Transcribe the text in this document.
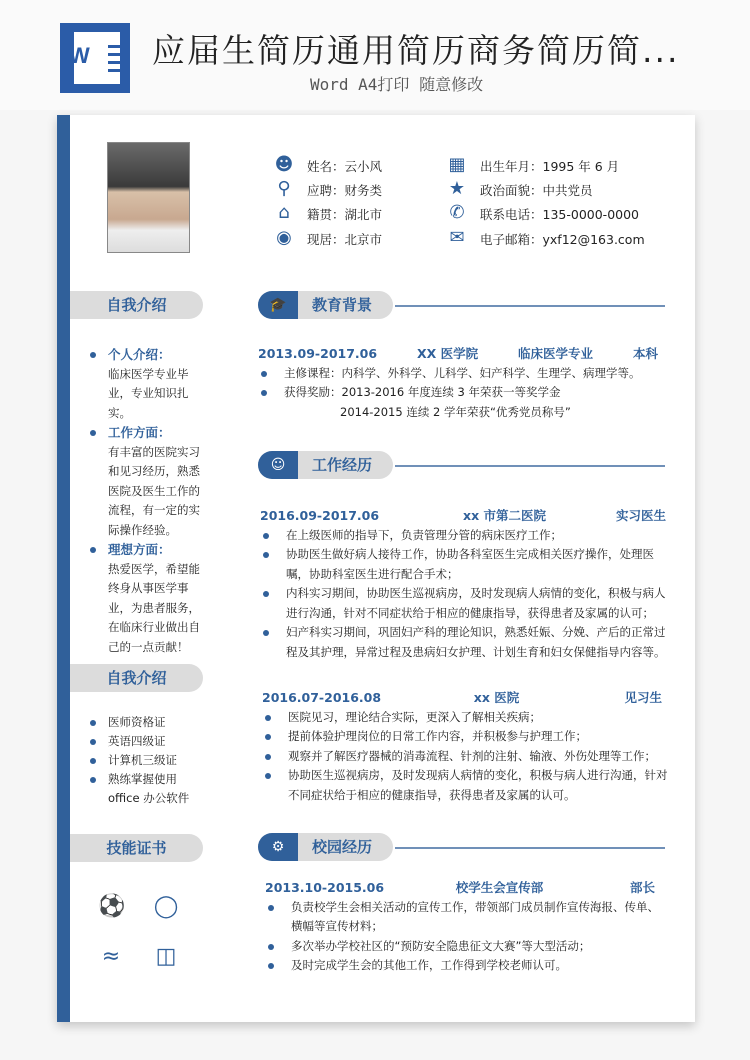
W 应届生简历通用简历商务简历简...
Word A4打印 随意修改
☻ 姓名：云小风
⚲ 应聘：财务类
⌂	籍贯：湖北市
◉ 现居：北京市
▦ 出生年月：1995 年 6 月
★ 政治面貌：中共党员
✆ 联系电话：135-0000-0000
✉ 电子邮箱：yxf12@163.com
自我介绍
个人介绍：
临床医学专业毕业，专业知识扎实。
工作方面：
有丰富的医院实习和见习经历，熟悉医院及医生工作的流程，有一定的实际操作经验。
理想方面：
热爱医学，希望能终身从事医学事业，为患者服务，在临床行业做出自己的一点贡献！
自我介绍
医师资格证
英语四级证
计算机三级证
熟练掌握使用
office 办公软件
技能证书
⚽ ◯
≈ ◫
🎓	教育背景
2013.09-2017.06	XX 医学院	临床医学专业	本科
主修课程：内科学、外科学、儿科学、妇产科学、生理学、病理学等。
获得奖励：2013-2016 年度连续 3 年荣获一等奖学金
2014-2015 连续 2 学年荣获“优秀党员称号”
☺	工作经历
2016.09-2017.06	xx 市第二医院	实习医生
在上级医师的指导下，负责管理分管的病床医疗工作；
协助医生做好病人接待工作，协助各科室医生完成相关医疗操作，处理医嘱，协助科室医生进行配合手术；
内科实习期间，协助医生巡视病房，及时发现病人病情的变化，积极与病人进行沟通，针对不同症状给于相应的健康指导，获得患者及家属的认可；
妇产科实习期间，巩固妇产科的理论知识，熟悉妊娠、分娩、产后的正常过程及其护理，异常过程及患病妇女护理、计划生育和妇女保健指导内容等。
2016.07-2016.08	xx 医院	见习生
医院见习，理论结合实际，更深入了解相关疾病；
提前体验护理岗位的日常工作内容，并积极参与护理工作；
观察并了解医疗器械的消毒流程、针剂的注射、输液、外伤处理等工作；
协助医生巡视病房，及时发现病人病情的变化，积极与病人进行沟通，针对不同症状给于相应的健康指导，获得患者及家属的认可。
⚙	校园经历
2013.10-2015.06	校学生会宣传部	部长
负责校学生会相关活动的宣传工作，带领部门成员制作宣传海报、传单、横幅等宣传材料；
多次举办学校社区的“预防安全隐患征文大赛”等大型活动；
及时完成学生会的其他工作，工作得到学校老师认可。
